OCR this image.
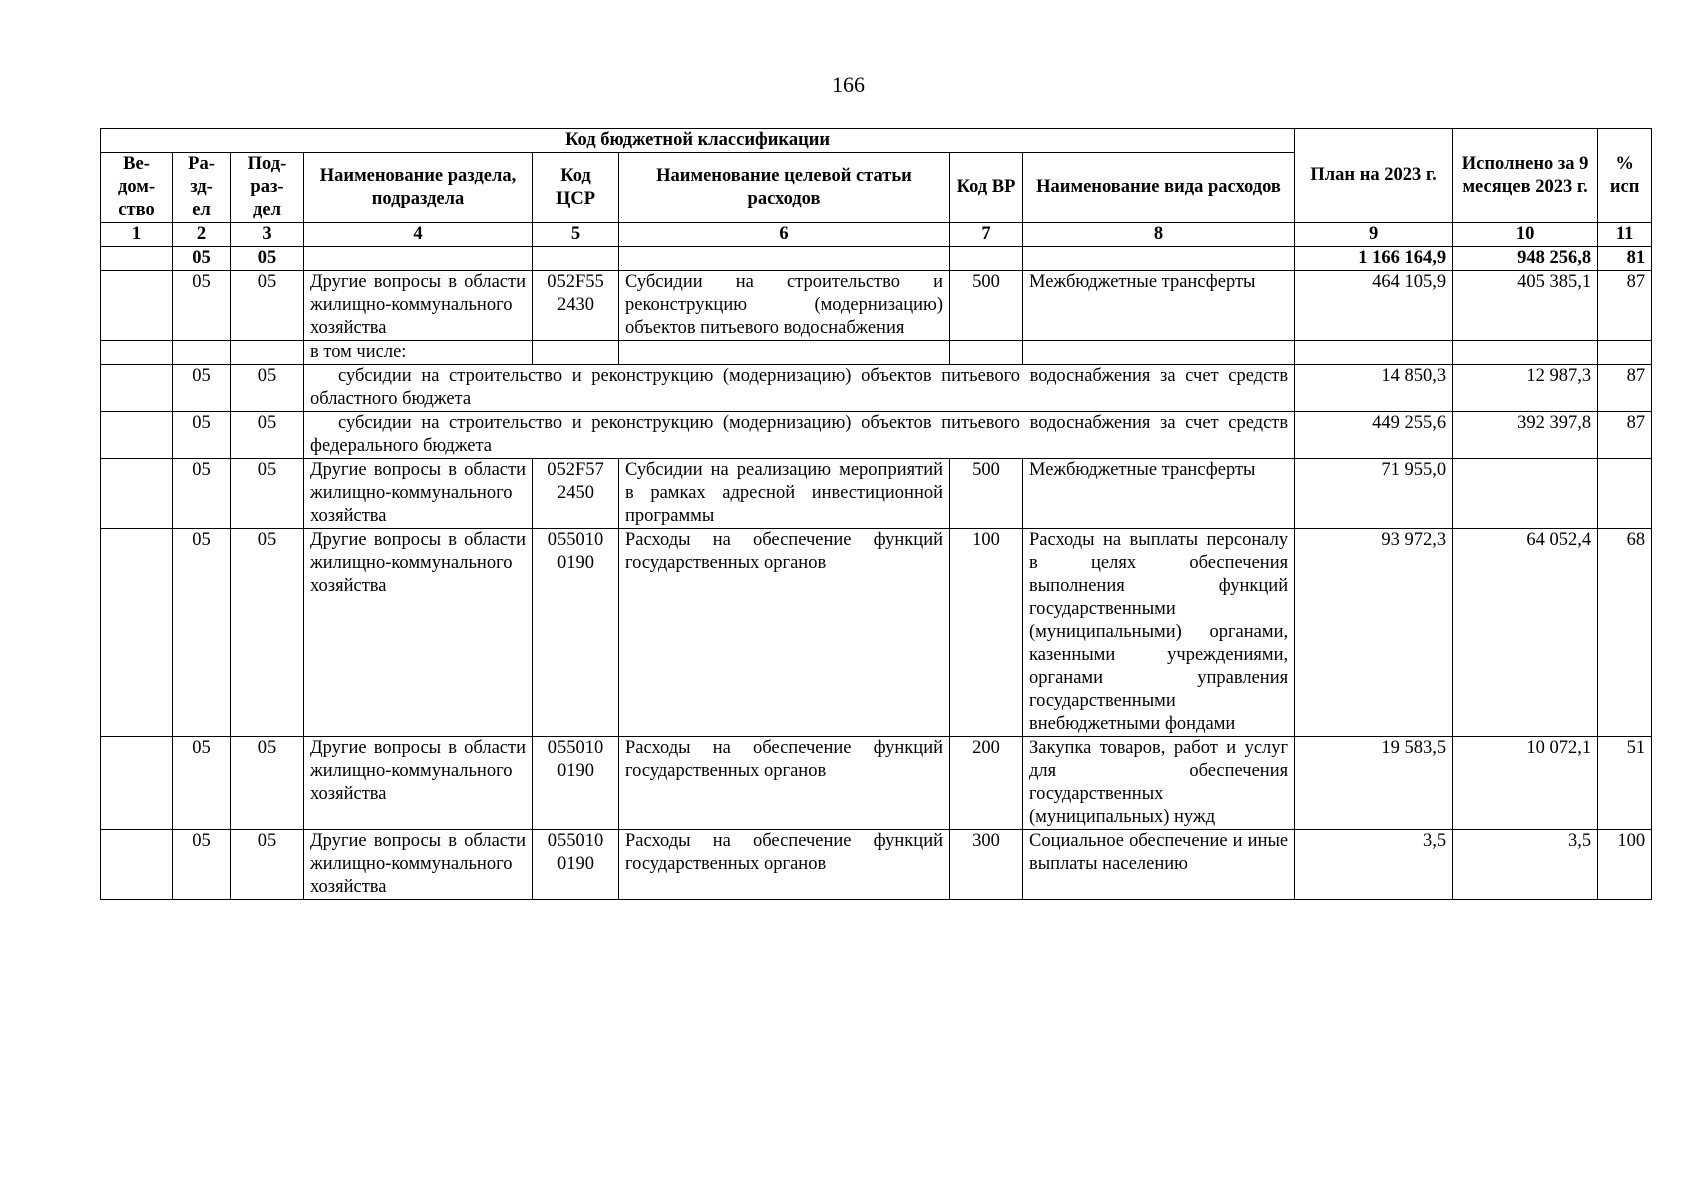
166
Код бюджетной классификации								План на 2023 г.	Исполнено за 9 месяцев 2023 г.	% исп
Ве- дом- ство	Ра- зд- ел	Под- раз- дел	Наименование раздела, подраздела	Код ЦСР	Наименование целевой статьи расходов	Код ВР	Наименование вида расходов			
1	2	3	4	5	6	7	8	9	10	11
	05	05						1 166 164,9	948 256,8	81
	05	05	Другие вопросы в области жилищно-коммунального хозяйства	052F55 2430	Субсидии на строительство и реконструкцию (модернизацию) объектов питьевого водоснабжения	500	Межбюджетные трансферты	464 105,9	405 385,1	87
			в том числе:							
	05	05	субсидии на строительство и реконструкцию (модернизацию) объектов питьевого водоснабжения за счет средств областного бюджета					14 850,3	12 987,3	87
	05	05	субсидии на строительство и реконструкцию (модернизацию) объектов питьевого водоснабжения за счет средств федерального бюджета					449 255,6	392 397,8	87
	05	05	Другие вопросы в области жилищно-коммунального хозяйства	052F57 2450	Субсидии на реализацию мероприятий в рамках адресной инвестиционной программы	500	Межбюджетные трансферты	71 955,0		
	05	05	Другие вопросы в области жилищно-коммунального хозяйства	055010 0190	Расходы на обеспечение функций государственных органов	100	Расходы на выплаты персоналу в целях обеспечения выполнения функций государственными (муниципальными) органами, казенными учреждениями, органами управления государственными внебюджетными фондами	93 972,3	64 052,4	68
	05	05	Другие вопросы в области жилищно-коммунального хозяйства	055010 0190	Расходы на обеспечение функций государственных органов	200	Закупка товаров, работ и услуг для обеспечения государственных (муниципальных) нужд	19 583,5	10 072,1	51
	05	05	Другие вопросы в области жилищно-коммунального хозяйства	055010 0190	Расходы на обеспечение функций государственных органов	300	Социальное обеспечение и иные выплаты населению	3,5	3,5	100
